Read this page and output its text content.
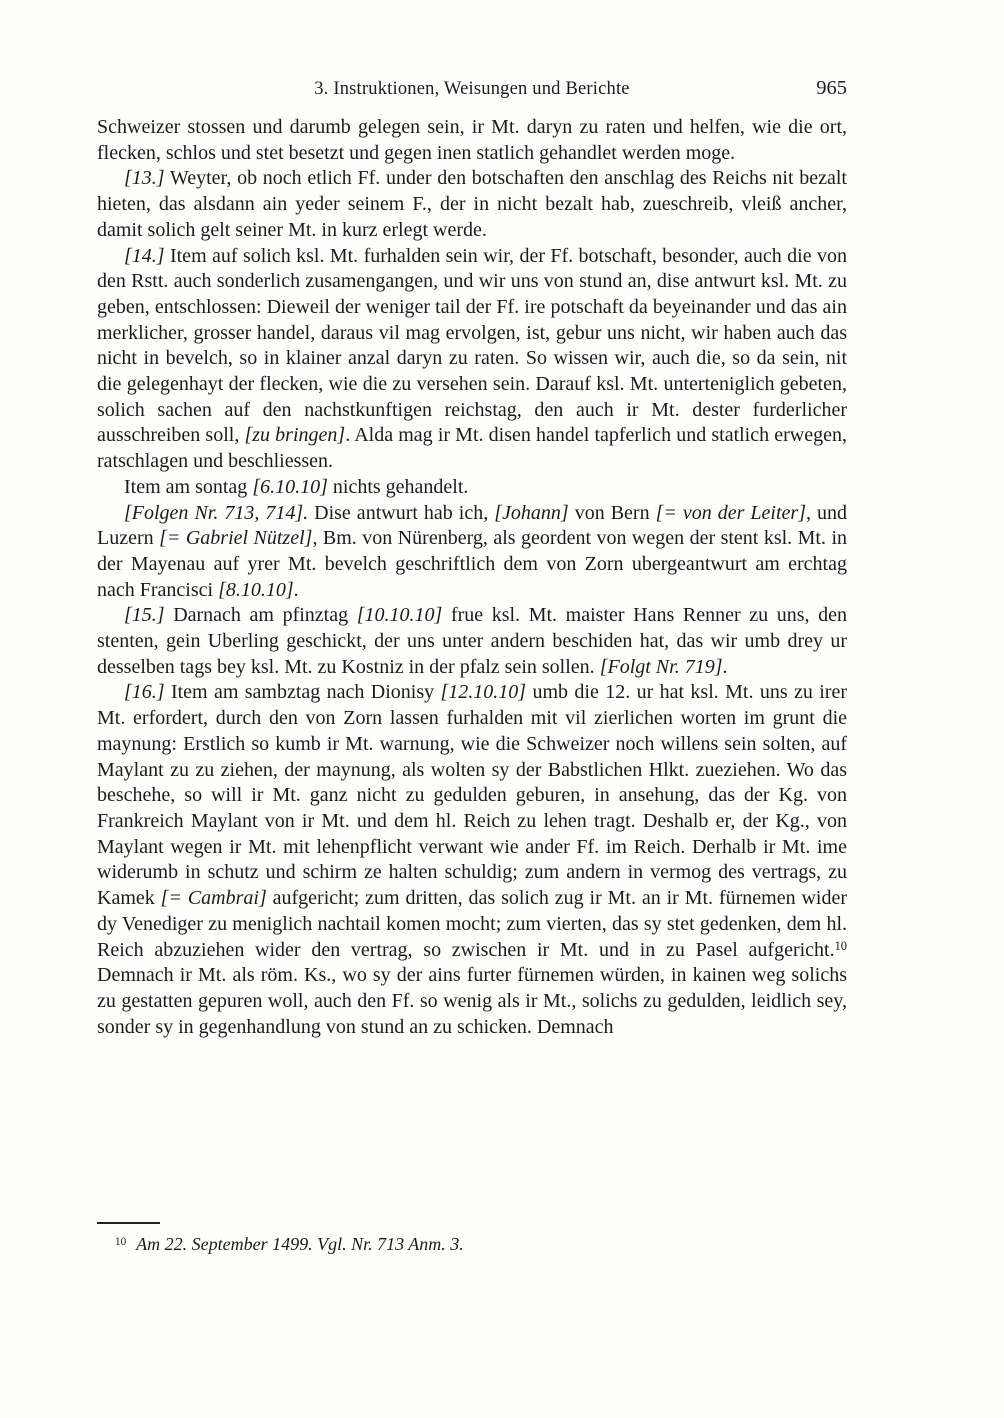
3. Instruktionen, Weisungen und Berichte	965

Schweizer stossen und darumb gelegen sein, ir Mt. daryn zu raten und helfen, wie die ort, flecken, schlos und stet besetzt und gegen inen statlich gehandlet werden moge.

[13.] Weyter, ob noch etlich Ff. under den botschaften den anschlag des Reichs nit bezalt hieten, das alsdann ain yeder seinem F., der in nicht bezalt hab, zueschreib, vleiß ancher, damit solich gelt seiner Mt. in kurz erlegt werde.

[14.] Item auf solich ksl. Mt. furhalden sein wir, der Ff. botschaft, besonder, auch die von den Rstt. auch sonderlich zusamengangen, und wir uns von stund an, dise antwurt ksl. Mt. zu geben, entschlossen: Dieweil der weniger tail der Ff. ire potschaft da beyeinander und das ain merklicher, grosser handel, daraus vil mag ervolgen, ist, gebur uns nicht, wir haben auch das nicht in bevelch, so in klainer anzal daryn zu raten. So wissen wir, auch die, so da sein, nit die gelegenhayt der flecken, wie die zu versehen sein. Darauf ksl. Mt. unterteniglich gebeten, solich sachen auf den nachstkunftigen reichstag, den auch ir Mt. dester furderlicher ausschreiben soll, [zu bringen]. Alda mag ir Mt. disen handel tapferlich und statlich erwegen, ratschlagen und beschliessen.

Item am sontag [6.10.10] nichts gehandelt.

[Folgen Nr. 713, 714]. Dise antwurt hab ich, [Johann] von Bern [= von der Leiter], und Luzern [= Gabriel Nützel], Bm. von Nürenberg, als geordent von wegen der stent ksl. Mt. in der Mayenau auf yrer Mt. bevelch geschriftlich dem von Zorn ubergeantwurt am erchtag nach Francisci [8.10.10].

[15.] Darnach am pfinztag [10.10.10] frue ksl. Mt. maister Hans Renner zu uns, den stenten, gein Uberling geschickt, der uns unter andern beschiden hat, das wir umb drey ur desselben tags bey ksl. Mt. zu Kostniz in der pfalz sein sollen. [Folgt Nr. 719].

[16.] Item am sambztag nach Dionisy [12.10.10] umb die 12. ur hat ksl. Mt. uns zu irer Mt. erfordert, durch den von Zorn lassen furhalden mit vil zierlichen worten im grunt die maynung: Erstlich so kumb ir Mt. warnung, wie die Schweizer noch willens sein solten, auf Maylant zu zu ziehen, der maynung, als wolten sy der Babstlichen Hlkt. zueziehen. Wo das beschehe, so will ir Mt. ganz nicht zu gedulden geburen, in ansehung, das der Kg. von Frankreich Maylant von ir Mt. und dem hl. Reich zu lehen tragt. Deshalb er, der Kg., von Maylant wegen ir Mt. mit lehenpflicht verwant wie ander Ff. im Reich. Derhalb ir Mt. ime widerumb in schutz und schirm ze halten schuldig; zum andern in vermog des vertrags, zu Kamek [= Cambrai] aufgericht; zum dritten, das solich zug ir Mt. an ir Mt. fürnemen wider dy Venediger zu meniglich nachtail komen mocht; zum vierten, das sy stet gedenken, dem hl. Reich abzuziehen wider den vertrag, so zwischen ir Mt. und in zu Pasel aufgericht.$^{10}$ Demnach ir Mt. als röm. Ks., wo sy der ains furter fürnemen würden, in kainen weg solichs zu gestatten gepuren woll, auch den Ff. so wenig als ir Mt., solichs zu gedulden, leidlich sey, sonder sy in gegenhandlung von stund an zu schicken. Demnach

$^{10}$ Am 22. September 1499. Vgl. Nr. 713 Anm. 3.
